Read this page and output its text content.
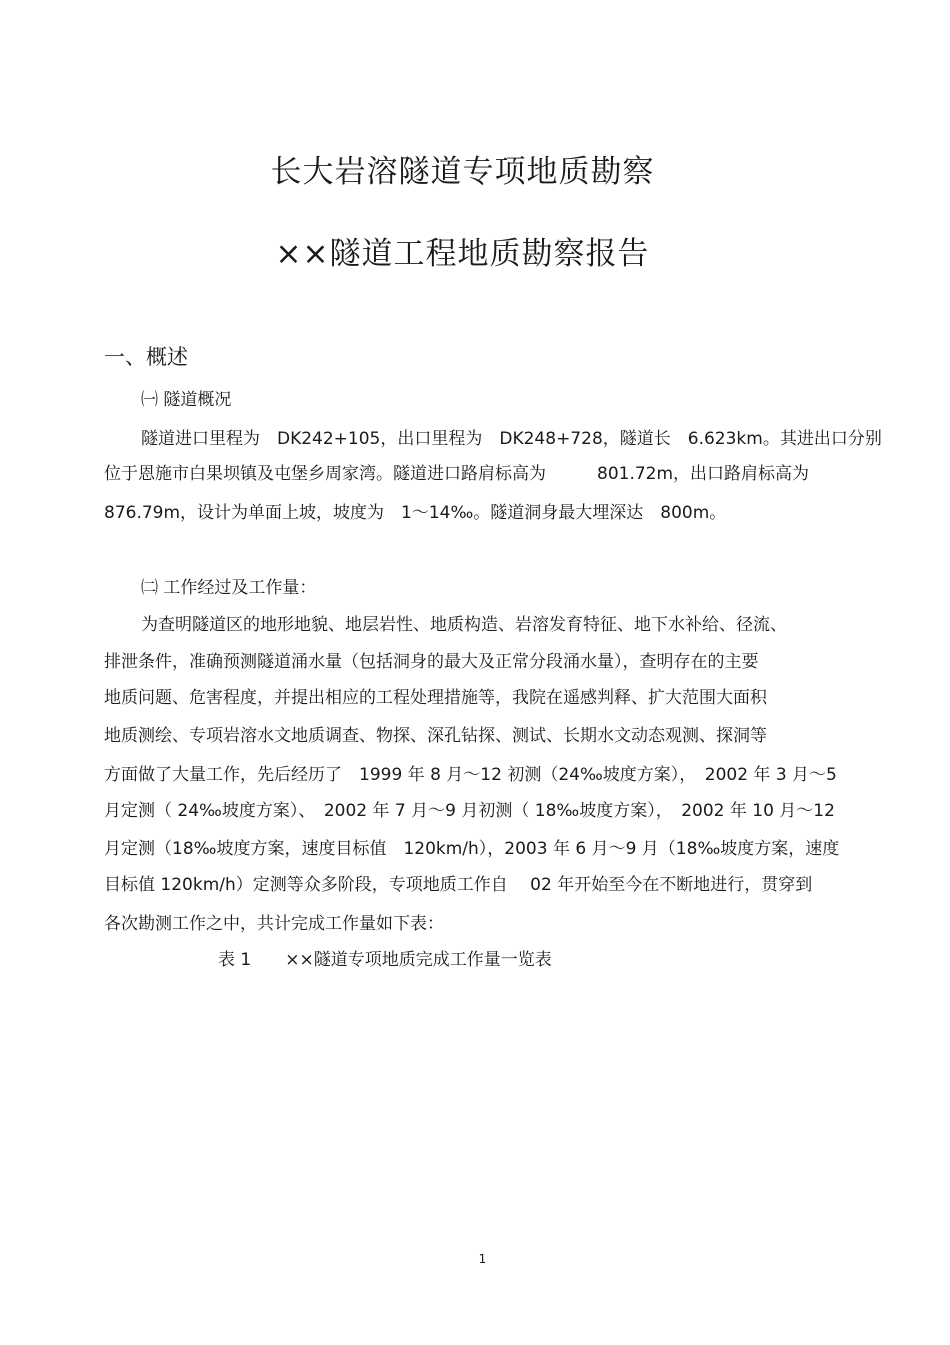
长大岩溶隧道专项地质勘察
××隧道工程地质勘察报告
一、概述
㈠ 隧道概况
隧道进口里程为　DK242+105，出口里程为　DK248+728，隧道长　6.623km。其进出口分别
位于恩施市白果坝镇及屯堡乡周家湾。隧道进口路肩标高为　　　801.72m，出口路肩标高为
876.79m，设计为单面上坡，坡度为　1～14‰。隧道洞身最大埋深达　800m。
㈡ 工作经过及工作量：
为查明隧道区的地形地貌、地层岩性、地质构造、岩溶发育特征、地下水补给、径流、
排泄条件，准确预测隧道涌水量（包括洞身的最大及正常分段涌水量），查明存在的主要
地质问题、危害程度，并提出相应的工程处理措施等，我院在遥感判释、扩大范围大面积
地质测绘、专项岩溶水文地质调查、物探、深孔钻探、测试、长期水文动态观测、探洞等
方面做了大量工作，先后经历了　1999 年 8 月～12 初测（24‰坡度方案），　2002 年 3 月～5
月定测（ 24‰坡度方案）、　2002 年 7 月～9 月初测（ 18‰坡度方案），　2002 年 10 月～12
月定测（18‰坡度方案，速度目标值　120km/h），2003 年 6 月～9 月（18‰坡度方案，速度
目标值 120km/h）定测等众多阶段，专项地质工作自　 02 年开始至今在不断地进行，贯穿到
各次勘测工作之中，共计完成工作量如下表：
表 1　　××隧道专项地质完成工作量一览表
1
